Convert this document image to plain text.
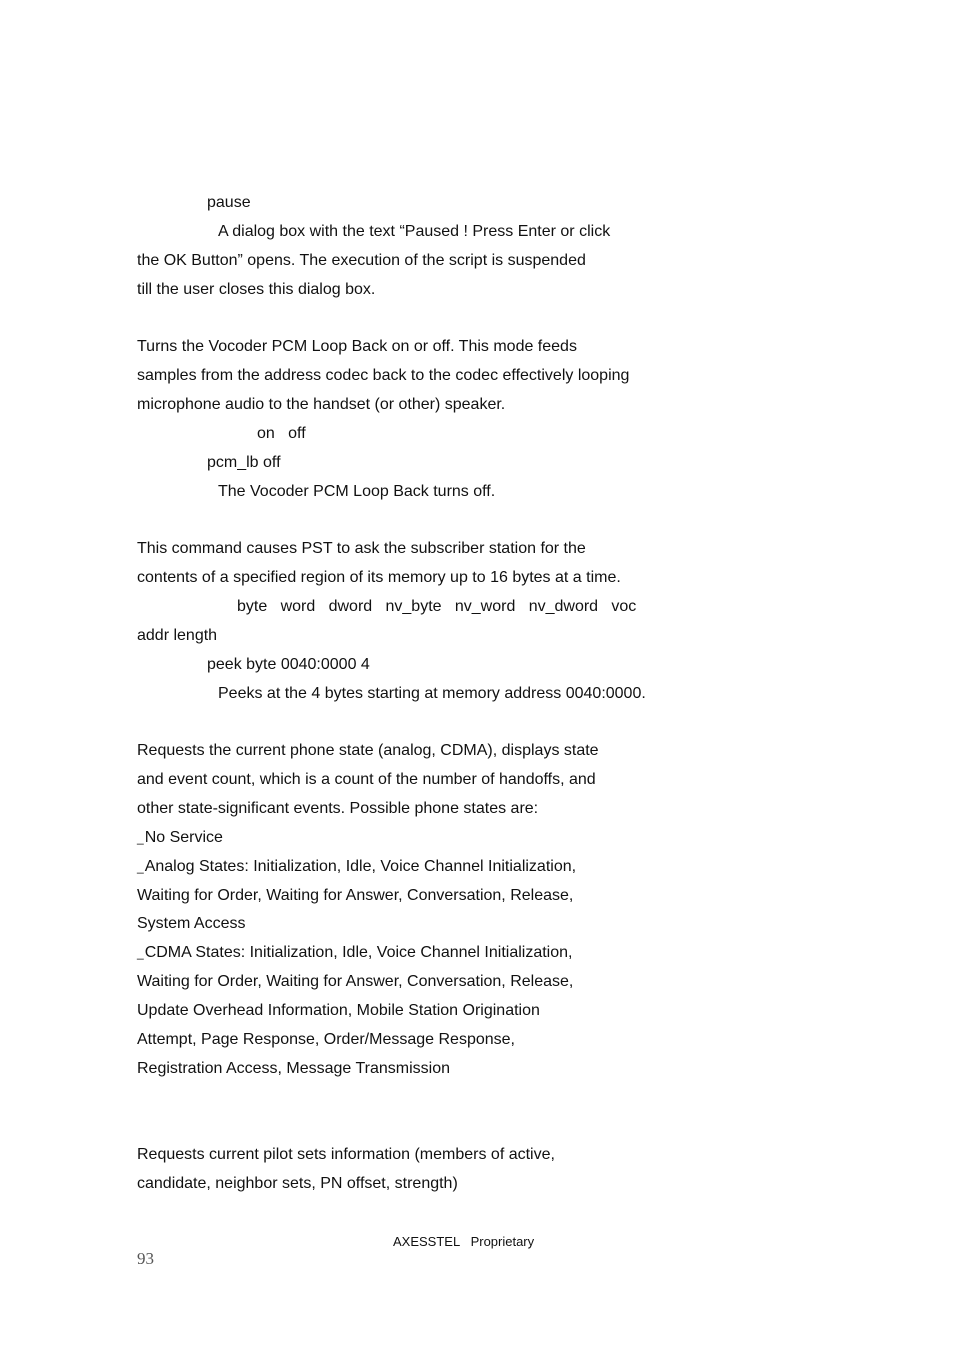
pause
A dialog box with the text “Paused ! Press Enter or click
the OK Button” opens. The execution of the script is suspended
till the user closes this dialog box.
Turns the Vocoder PCM Loop Back on or off. This mode feeds
samples from the address codec back to the codec effectively looping
microphone audio to the handset (or other) speaker.
on   off
pcm_lb off
The Vocoder PCM Loop Back turns off.
This command causes PST to ask the subscriber station for the
contents of a specified region of its memory up to 16 bytes at a time.
byte   word   dword   nv_byte   nv_word   nv_dword   voc
addr length
peek byte 0040:0000 4
Peeks at the 4 bytes starting at memory address 0040:0000.
Requests the current phone state (analog, CDMA), displays state
and event count, which is a count of the number of handoffs, and
other state-significant events. Possible phone states are:
_No Service
_Analog States: Initialization, Idle, Voice Channel Initialization,
Waiting for Order, Waiting for Answer, Conversation, Release,
System Access
_CDMA States: Initialization, Idle, Voice Channel Initialization,
Waiting for Order, Waiting for Answer, Conversation, Release,
Update Overhead Information, Mobile Station Origination
Attempt, Page Response, Order/Message Response,
Registration Access, Message Transmission
Requests current pilot sets information (members of active,
candidate, neighbor sets, PN offset, strength)
AXESSTEL Proprietary
93
